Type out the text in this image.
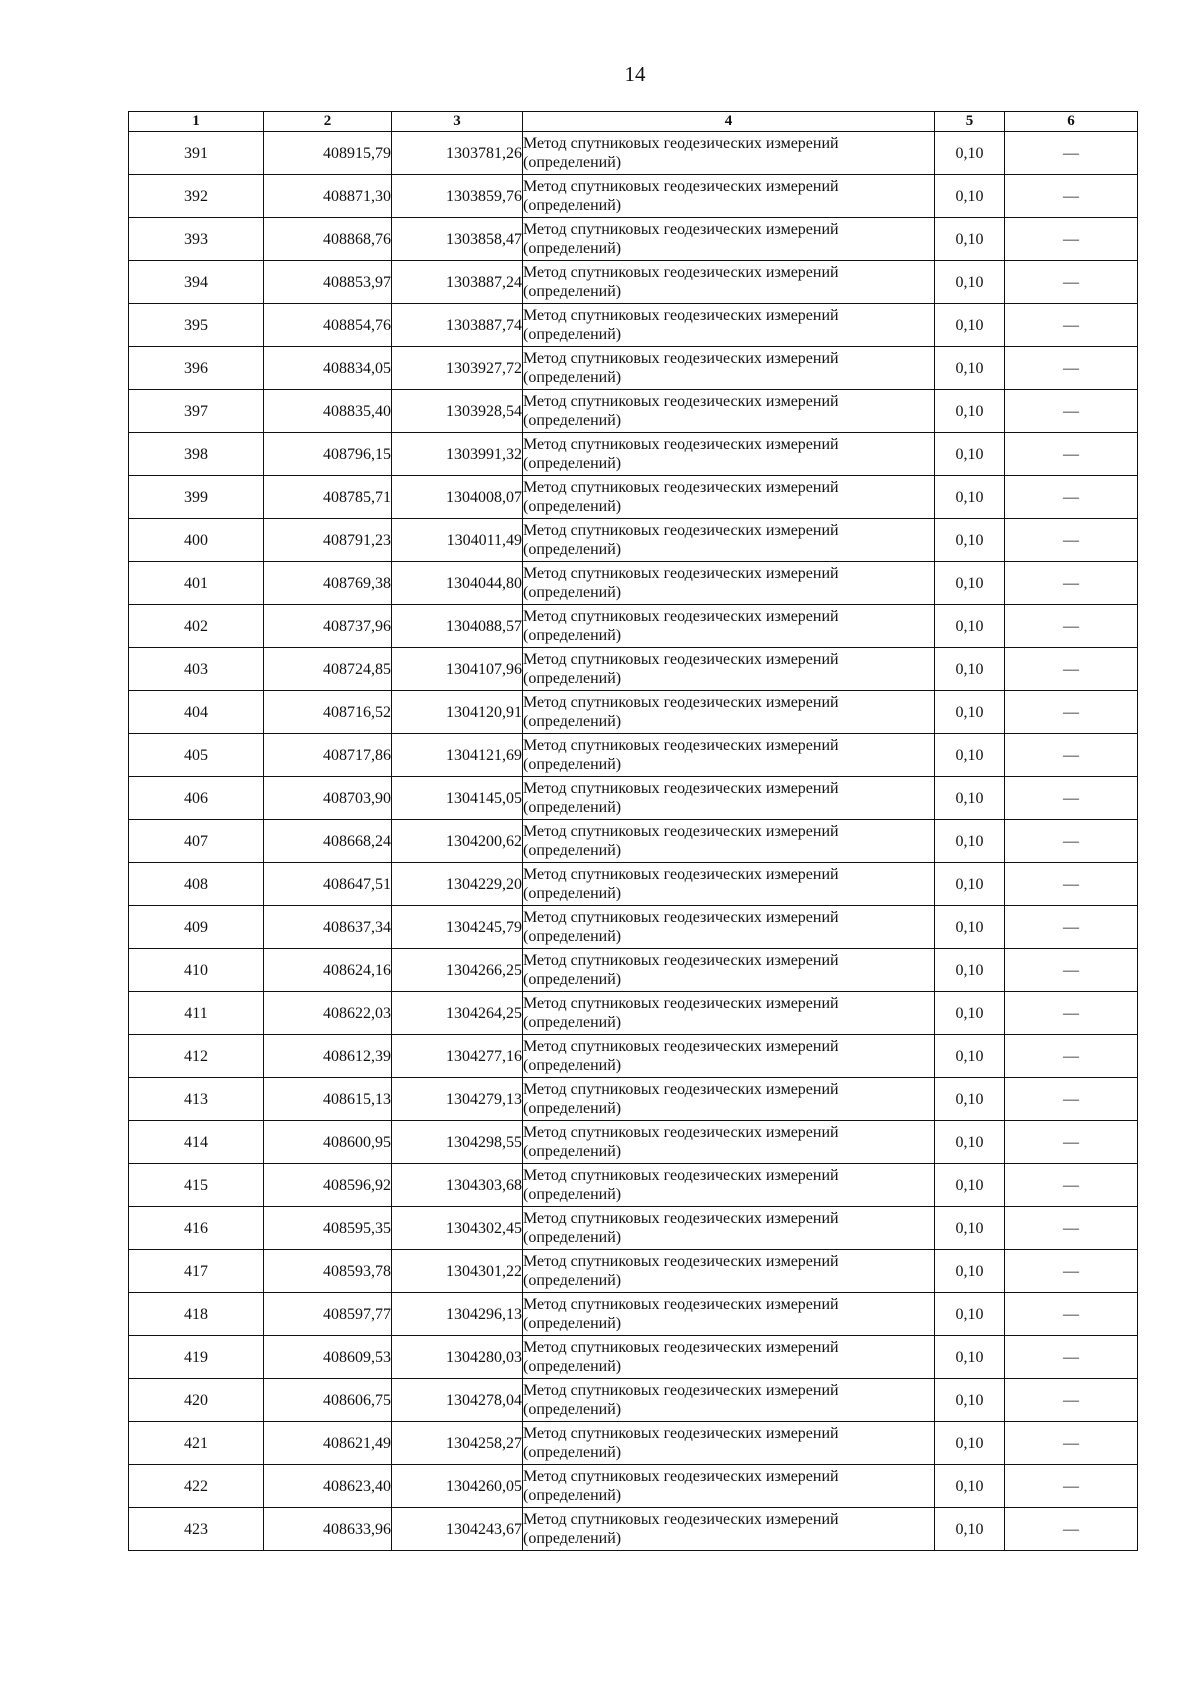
14
1	2	3	4	5	6
391	408915,79	1303781,26	Метод спутниковых геодезических измерений
(определений)	0,10	—
392	408871,30	1303859,76	Метод спутниковых геодезических измерений
(определений)	0,10	—
393	408868,76	1303858,47	Метод спутниковых геодезических измерений
(определений)	0,10	—
394	408853,97	1303887,24	Метод спутниковых геодезических измерений
(определений)	0,10	—
395	408854,76	1303887,74	Метод спутниковых геодезических измерений
(определений)	0,10	—
396	408834,05	1303927,72	Метод спутниковых геодезических измерений
(определений)	0,10	—
397	408835,40	1303928,54	Метод спутниковых геодезических измерений
(определений)	0,10	—
398	408796,15	1303991,32	Метод спутниковых геодезических измерений
(определений)	0,10	—
399	408785,71	1304008,07	Метод спутниковых геодезических измерений
(определений)	0,10	—
400	408791,23	1304011,49	Метод спутниковых геодезических измерений
(определений)	0,10	—
401	408769,38	1304044,80	Метод спутниковых геодезических измерений
(определений)	0,10	—
402	408737,96	1304088,57	Метод спутниковых геодезических измерений
(определений)	0,10	—
403	408724,85	1304107,96	Метод спутниковых геодезических измерений
(определений)	0,10	—
404	408716,52	1304120,91	Метод спутниковых геодезических измерений
(определений)	0,10	—
405	408717,86	1304121,69	Метод спутниковых геодезических измерений
(определений)	0,10	—
406	408703,90	1304145,05	Метод спутниковых геодезических измерений
(определений)	0,10	—
407	408668,24	1304200,62	Метод спутниковых геодезических измерений
(определений)	0,10	—
408	408647,51	1304229,20	Метод спутниковых геодезических измерений
(определений)	0,10	—
409	408637,34	1304245,79	Метод спутниковых геодезических измерений
(определений)	0,10	—
410	408624,16	1304266,25	Метод спутниковых геодезических измерений
(определений)	0,10	—
411	408622,03	1304264,25	Метод спутниковых геодезических измерений
(определений)	0,10	—
412	408612,39	1304277,16	Метод спутниковых геодезических измерений
(определений)	0,10	—
413	408615,13	1304279,13	Метод спутниковых геодезических измерений
(определений)	0,10	—
414	408600,95	1304298,55	Метод спутниковых геодезических измерений
(определений)	0,10	—
415	408596,92	1304303,68	Метод спутниковых геодезических измерений
(определений)	0,10	—
416	408595,35	1304302,45	Метод спутниковых геодезических измерений
(определений)	0,10	—
417	408593,78	1304301,22	Метод спутниковых геодезических измерений
(определений)	0,10	—
418	408597,77	1304296,13	Метод спутниковых геодезических измерений
(определений)	0,10	—
419	408609,53	1304280,03	Метод спутниковых геодезических измерений
(определений)	0,10	—
420	408606,75	1304278,04	Метод спутниковых геодезических измерений
(определений)	0,10	—
421	408621,49	1304258,27	Метод спутниковых геодезических измерений
(определений)	0,10	—
422	408623,40	1304260,05	Метод спутниковых геодезических измерений
(определений)	0,10	—
423	408633,96	1304243,67	Метод спутниковых геодезических измерений
(определений)	0,10	—
